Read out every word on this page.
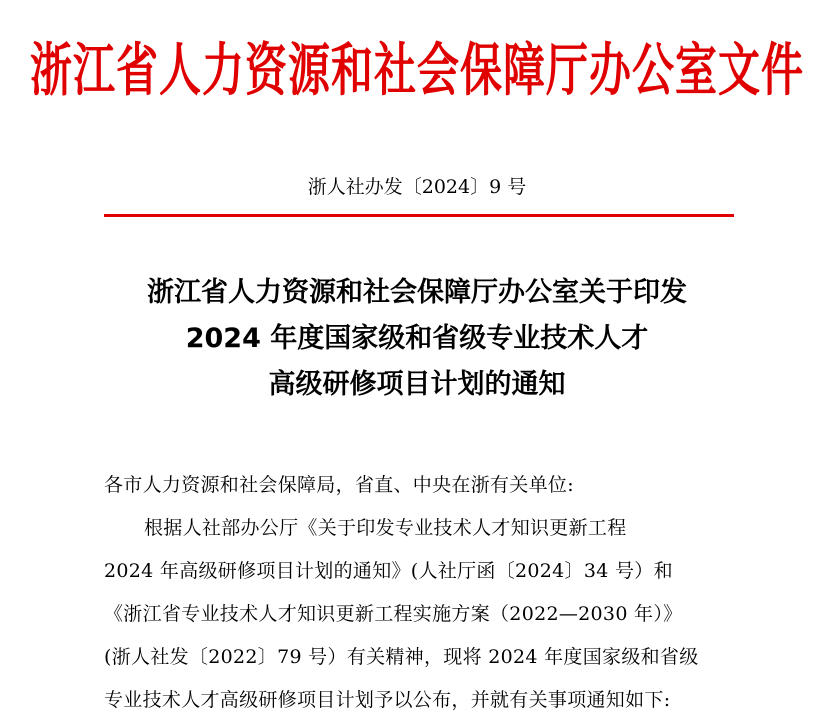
浙江省人力资源和社会保障厅办公室文件
浙人社办发〔2024〕9 号
浙江省人力资源和社会保障厅办公室关于印发
2024 年度国家级和省级专业技术人才
高级研修项目计划的通知
各市人力资源和社会保障局，省直、中央在浙有关单位:
根据人社部办公厅《关于印发专业技术人才知识更新工程
2024 年高级研修项目计划的通知》(人社厅函〔2024〕34 号）和
《浙江省专业技术人才知识更新工程实施方案（2022—2030 年）》
(浙人社发〔2022〕79 号）有关精神，现将 2024 年度国家级和省级
专业技术人才高级研修项目计划予以公布，并就有关事项通知如下:
